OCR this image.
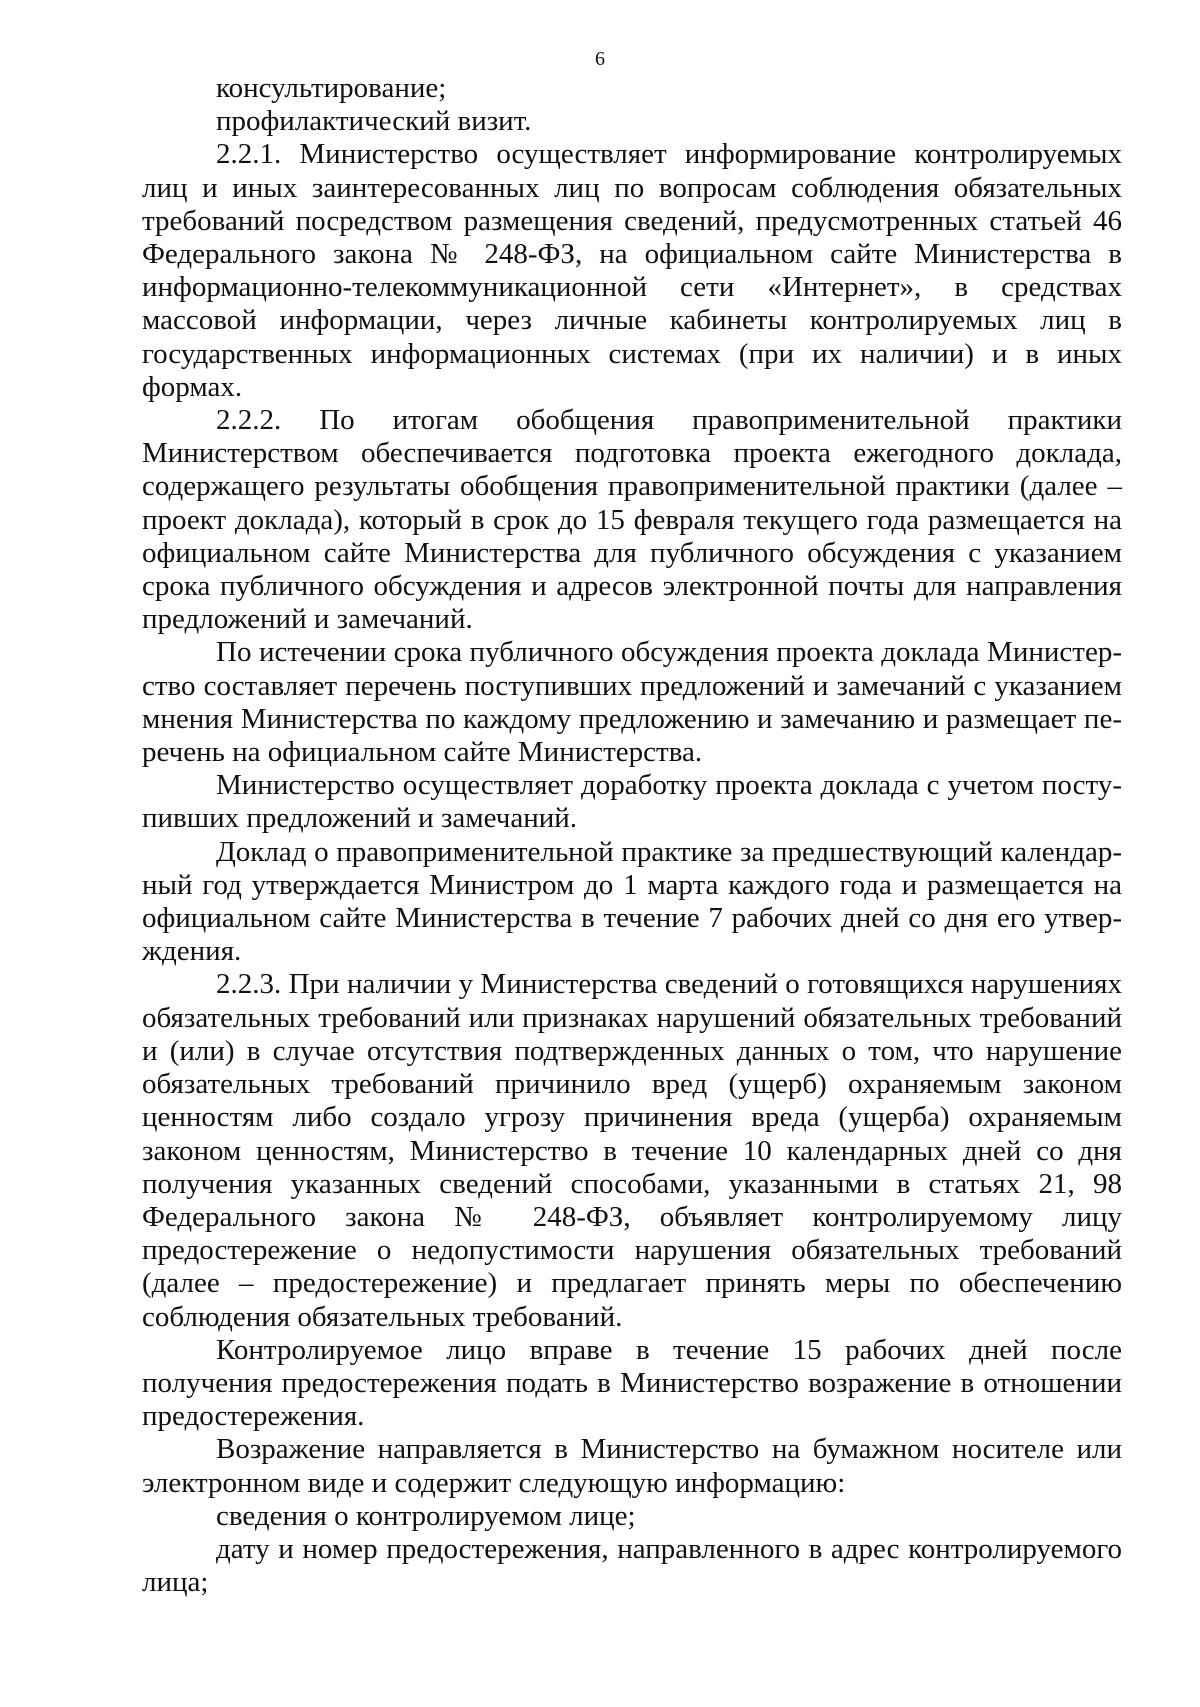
6

консультирование;

профилактический визит.

2.2.1. Министерство осуществляет информирование контролируемых лиц и иных заинтересованных лиц по вопросам соблюдения обязательных требований посредством размещения сведений, предусмотренных статьей 46 Федерального закона № 248-ФЗ, на официальном сайте Министерства в информационно-телекоммуникационной сети «Интернет», в средствах массовой информации, через личные кабинеты контролируемых лиц в государственных информационных системах (при их наличии) и в иных формах.

2.2.2. По итогам обобщения правоприменительной практики Министерством обеспечивается подготовка проекта ежегодного доклада, содержащего результаты обобщения правоприменительной практики (далее – проект доклада), который в срок до 15 февраля текущего года размещается на официальном сайте Министерства для публичного обсуждения с указанием срока публичного обсуждения и адресов электронной почты для направления предложений и замечаний.

По истечении срока публичного обсуждения проекта доклада Министерство составляет перечень поступивших предложений и замечаний с указанием мнения Министерства по каждому предложению и замечанию и размещает перечень на официальном сайте Министерства.

Министерство осуществляет доработку проекта доклада с учетом поступивших предложений и замечаний.

Доклад о правоприменительной практике за предшествующий календарный год утверждается Министром до 1 марта каждого года и размещается на официальном сайте Министерства в течение 7 рабочих дней со дня его утверждения.

2.2.3. При наличии у Министерства сведений о готовящихся нарушениях обязательных требований или признаках нарушений обязательных требований и (или) в случае отсутствия подтвержденных данных о том, что нарушение обязательных требований причинило вред (ущерб) охраняемым законом ценностям либо создало угрозу причинения вреда (ущерба) охраняемым законом ценностям, Министерство в течение 10 календарных дней со дня получения указанных сведений способами, указанными в статьях 21, 98 Федерального закона № 248-ФЗ, объявляет контролируемому лицу предостережение о недопустимости нарушения обязательных требований (далее – предостережение) и предлагает принять меры по обеспечению соблюдения обязательных требований.

Контролируемое лицо вправе в течение 15 рабочих дней после получения предостережения подать в Министерство возражение в отношении предостережения.

Возражение направляется в Министерство на бумажном носителе или электронном виде и содержит следующую информацию:

сведения о контролируемом лице;

дату и номер предостережения, направленного в адрес контролируемого лица;
